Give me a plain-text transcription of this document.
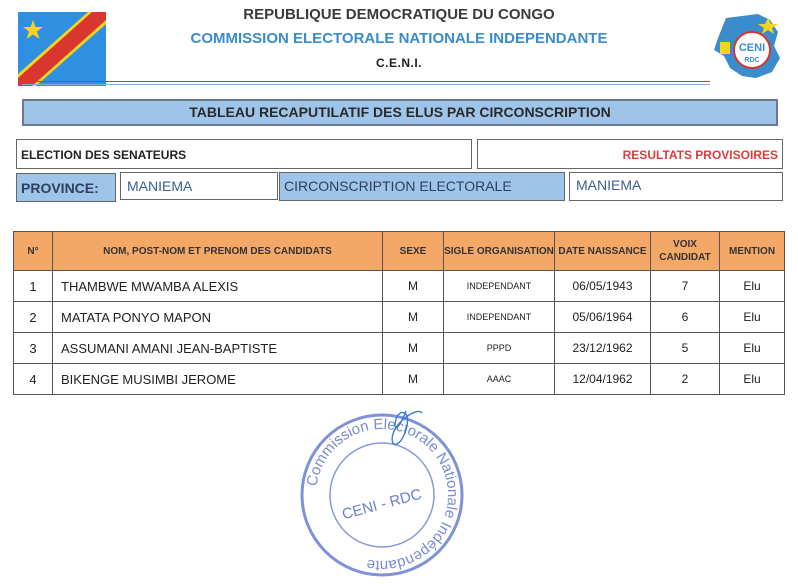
REPUBLIQUE DEMOCRATIQUE DU CONGO
COMMISSION ELECTORALE NATIONALE INDEPENDANTE
C.E.N.I.
CENI
RDC
TABLEAU RECAPUTILATIF DES ELUS PAR CIRCONSCRIPTION
ELECTION DES SENATEURS	RESULTATS PROVISOIRES
PROVINCE:	MANIEMA	CIRCONSCRIPTION ELECTORALE	MANIEMA
N°	NOM, POST-NOM ET PRENOM DES CANDIDATS	SEXE	SIGLE ORGANISATION	DATE NAISSANCE	VOIX CANDIDAT	MENTION
1	THAMBWE MWAMBA ALEXIS	M	INDEPENDANT	06/05/1943	7	Elu
2	MATATA PONYO MAPON	M	INDEPENDANT	05/06/1964	6	Elu
3	ASSUMANI AMANI JEAN-BAPTISTE	M	PPPD	23/12/1962	5	Elu
4	BIKENGE MUSIMBI JEROME	M	AAAC	12/04/1962	2	Elu
Commission Electorale Nationale Indépendante
CENI - RDC
